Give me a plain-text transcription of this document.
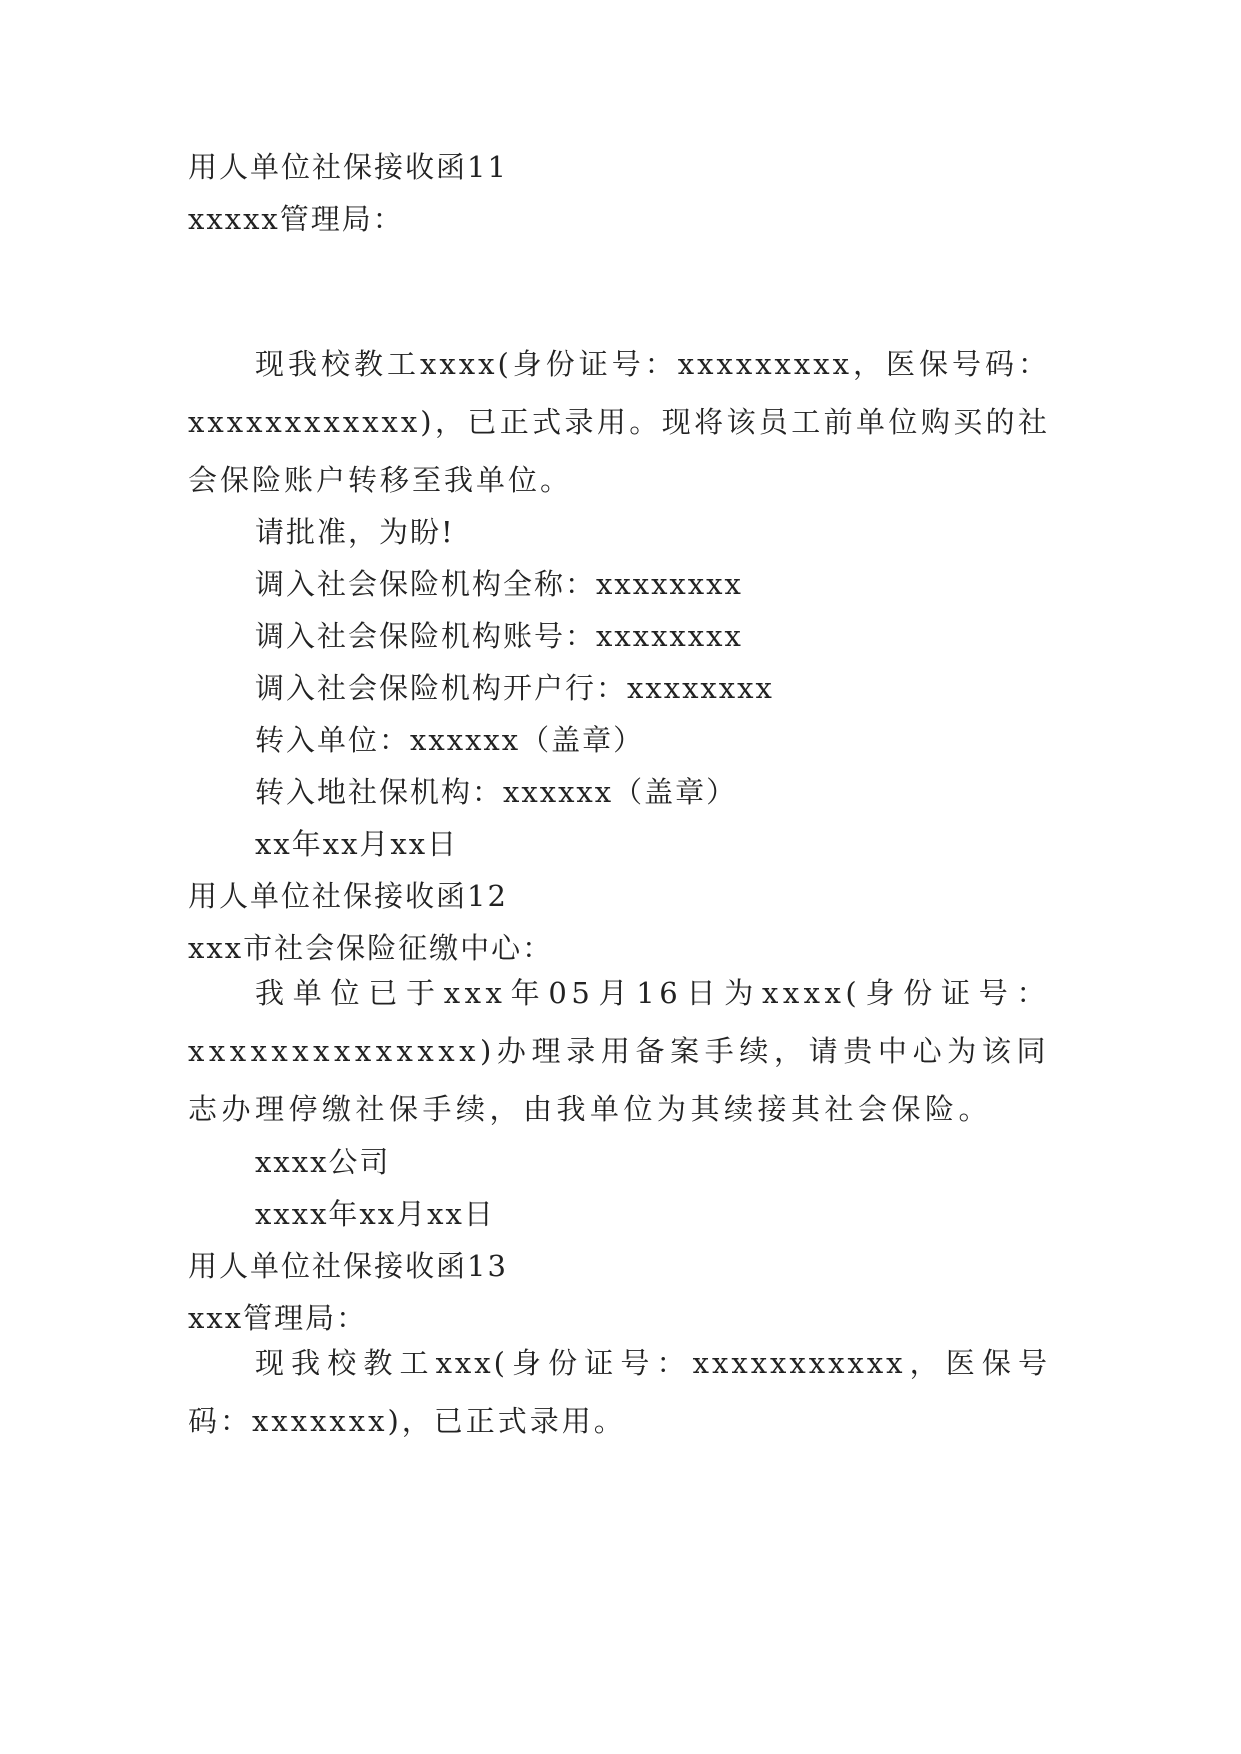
用人单位社保接收函11
xxxxx管理局：

现我校教工xxxx(身份证号：xxxxxxxxx，医保号码：xxxxxxxxxxxx)，已正式录用。现将该员工前单位购买的社会保险账户转移至我单位。

请批准，为盼!
调入社会保险机构全称：xxxxxxxx
调入社会保险机构账号：xxxxxxxx
调入社会保险机构开户行：xxxxxxxx
转入单位：xxxxxx（盖章）
转入地社保机构：xxxxxx（盖章）
xx年xx月xx日
用人单位社保接收函12
xxx市社会保险征缴中心：

我单位已于xxx年05月16日为xxxx(身份证号：xxxxxxxxxxxxxx)办理录用备案手续，请贵中心为该同志办理停缴社保手续，由我单位为其续接其社会保险。

xxxx公司
xxxx年xx月xx日
用人单位社保接收函13
xxx管理局：

现我校教工xxx(身份证号：xxxxxxxxxxx，医保号码：xxxxxxx)，已正式录用。
